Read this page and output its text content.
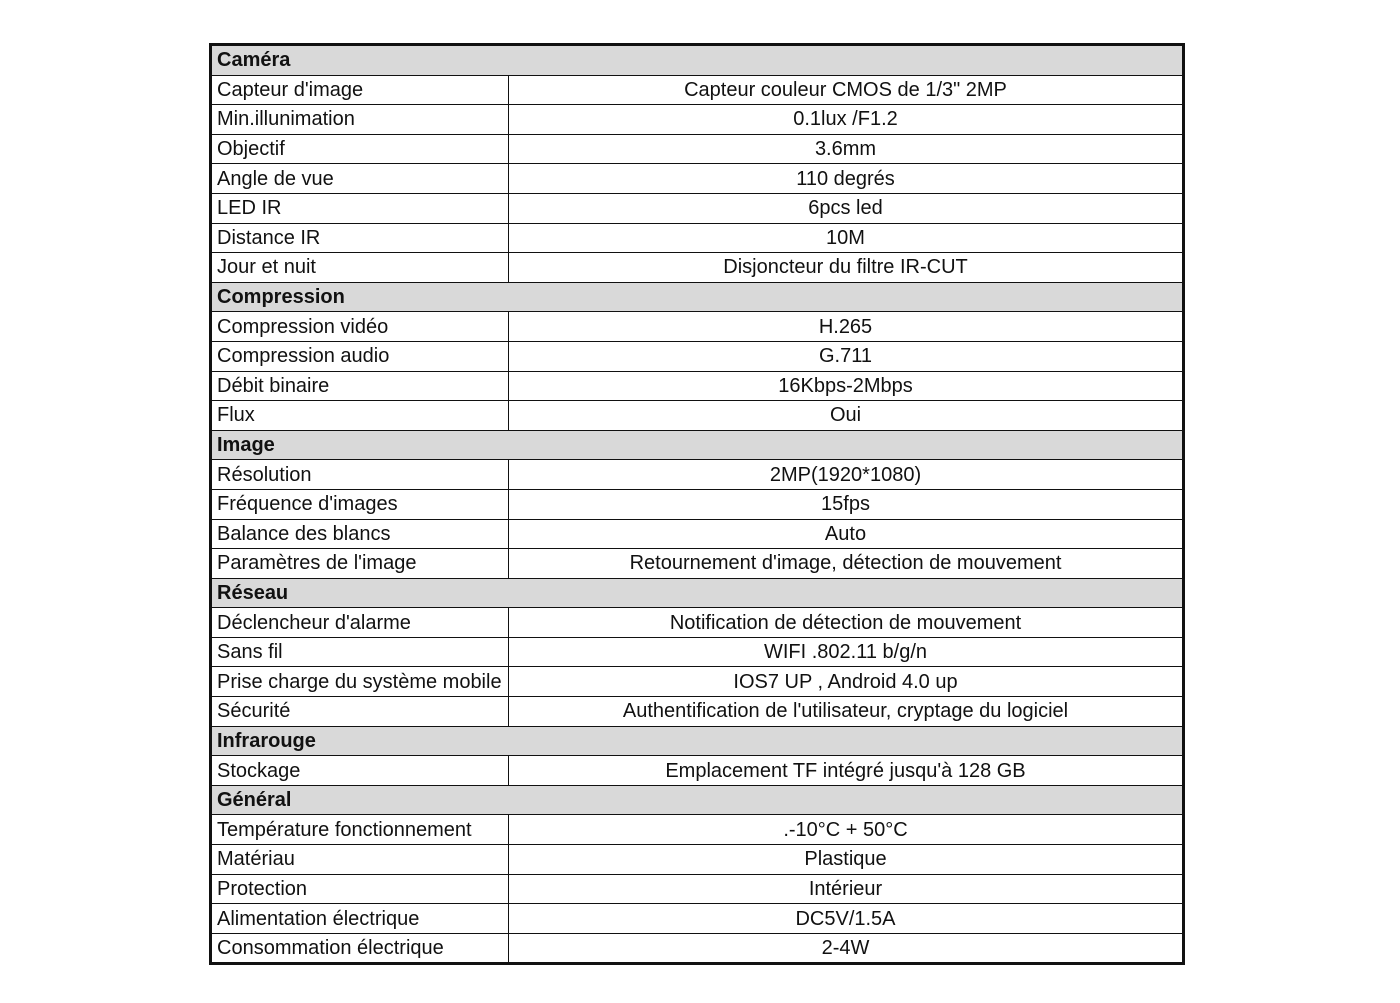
Caméra	
Capteur d'image	Capteur couleur CMOS de 1/3" 2MP
Min.illunimation	0.1lux /F1.2
Objectif	3.6mm
Angle de vue	110 degrés
LED IR	6pcs led
Distance IR	10M
Jour et nuit	Disjoncteur du filtre IR-CUT
Compression	
Compression vidéo	H.265
Compression audio	G.711
Débit binaire	16Kbps-2Mbps
Flux	Oui
Image	
Résolution	2MP(1920*1080)
Fréquence d'images	15fps
Balance des blancs	Auto
Paramètres de l'image	Retournement d'image, détection de mouvement
Réseau	
Déclencheur d'alarme	Notification de détection de mouvement
Sans fil	WIFI .802.11 b/g/n
Prise charge du système mobile	IOS7 UP , Android 4.0 up
Sécurité	Authentification de l'utilisateur, cryptage du logiciel
Infrarouge	
Stockage	Emplacement TF intégré jusqu'à 128 GB
Général	
Température fonctionnement	.-10°C + 50°C
Matériau	Plastique
Protection	Intérieur
Alimentation électrique	DC5V/1.5A
Consommation électrique	2-4W
